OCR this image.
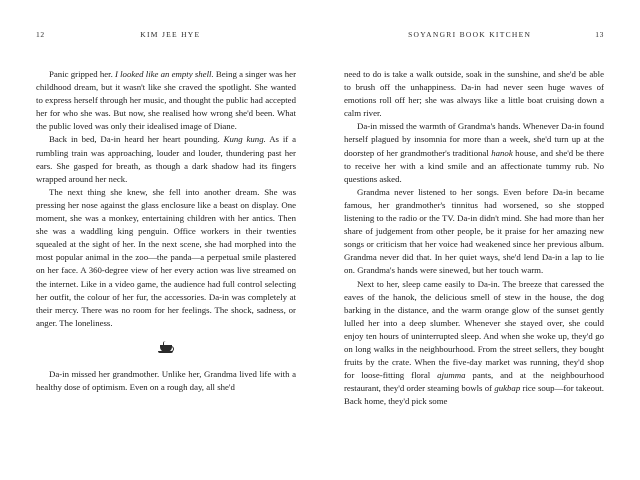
12	KIM JEE HYE	SOYANGRI BOOK KITCHEN	13

Panic gripped her. I looked like an empty shell. Being a singer was her childhood dream, but it wasn't like she craved the spotlight. She wanted to express herself through her music, and thought the public had accepted her for who she was. But now, she realised how wrong she'd been. What the public loved was only their idealised image of Diane.

Back in bed, Da-in heard her heart pounding. Kung kung. As if a rumbling train was approaching, louder and louder, thundering past her ears. She gasped for breath, as though a dark shadow had its fingers wrapped around her neck.

The next thing she knew, she fell into another dream. She was pressing her nose against the glass enclosure like a beast on display. One moment, she was a monkey, entertaining children with her antics. Then she was a waddling king penguin. Office workers in their twenties squealed at the sight of her. In the next scene, she had morphed into the most popular animal in the zoo—the panda—a perpetual smile plastered on her face. A 360-degree view of her every action was live streamed on the internet. Like in a video game, the audience had full control selecting her outfit, the colour of her fur, the accessories. Da-in was completely at their mercy. There was no room for her feelings. The shock, sadness, or anger. The loneliness.

Da-in missed her grandmother. Unlike her, Grandma lived life with a healthy dose of optimism. Even on a rough day, all she'd

need to do is take a walk outside, soak in the sunshine, and she'd be able to brush off the unhappiness. Da-in had never seen huge waves of emotions roll off her; she was always like a little boat cruising down a calm river.

Da-in missed the warmth of Grandma's hands. Whenever Da-in found herself plagued by insomnia for more than a week, she'd turn up at the doorstep of her grandmother's traditional hanok house, and she'd be there to receive her with a kind smile and an affectionate tummy rub. No questions asked.

Grandma never listened to her songs. Even before Da-in became famous, her grandmother's tinnitus had worsened, so she stopped listening to the radio or the TV. Da-in didn't mind. She had more than her share of judgement from other people, be it praise for her amazing new songs or criticism that her voice had weakened since her previous album. Grandma never did that. In her quiet ways, she'd lend Da-in a lap to lie on. Grandma's hands were sinewed, but her touch warm.

Next to her, sleep came easily to Da-in. The breeze that caressed the eaves of the hanok, the delicious smell of stew in the house, the dog barking in the distance, and the warm orange glow of the sunset gently lulled her into a deep slumber. Whenever she stayed over, she could enjoy ten hours of uninterrupted sleep. And when she woke up, they'd go on long walks in the neighbourhood. From the street sellers, they bought fruits by the crate. When the five-day market was running, they'd shop for loose-fitting floral ajumma pants, and at the neighbourhood restaurant, they'd order steaming bowls of gukbap rice soup—for takeout. Back home, they'd pick some
